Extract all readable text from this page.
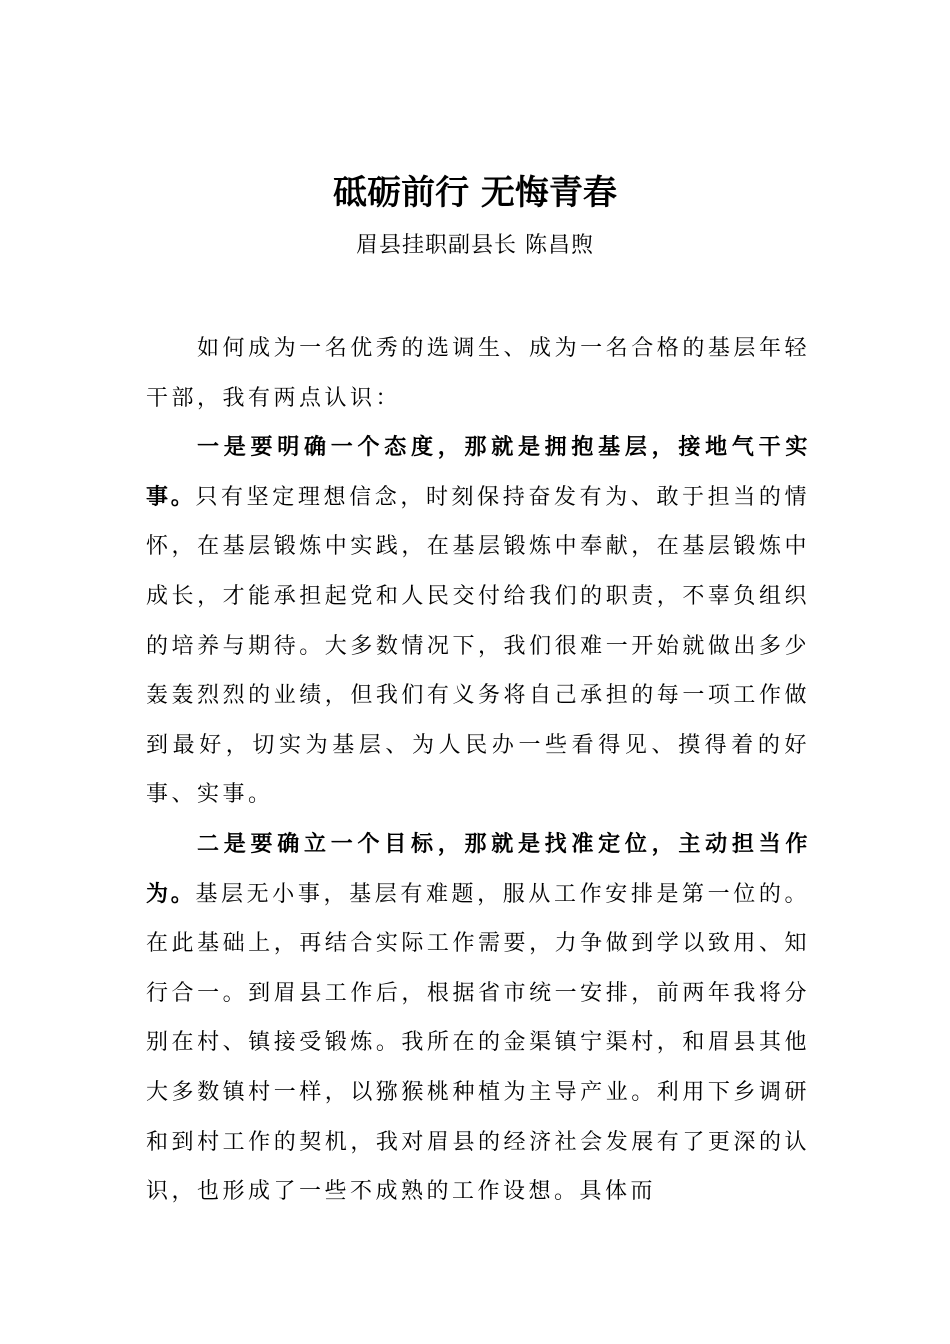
砥砺前行 无悔青春
眉县挂职副县长 陈昌煦

如何成为一名优秀的选调生、成为一名合格的基层年轻干部，我有两点认识：

一是要明确一个态度，那就是拥抱基层，接地气干实事。只有坚定理想信念，时刻保持奋发有为、敢于担当的情怀，在基层锻炼中实践，在基层锻炼中奉献，在基层锻炼中成长，才能承担起党和人民交付给我们的职责，不辜负组织的培养与期待。大多数情况下，我们很难一开始就做出多少轰轰烈烈的业绩，但我们有义务将自己承担的每一项工作做到最好，切实为基层、为人民办一些看得见、摸得着的好事、实事。

二是要确立一个目标，那就是找准定位，主动担当作为。基层无小事，基层有难题，服从工作安排是第一位的。在此基础上，再结合实际工作需要，力争做到学以致用、知行合一。到眉县工作后，根据省市统一安排，前两年我将分别在村、镇接受锻炼。我所在的金渠镇宁渠村，和眉县其他大多数镇村一样，以猕猴桃种植为主导产业。利用下乡调研和到村工作的契机，我对眉县的经济社会发展有了更深的认识，也形成了一些不成熟的工作设想。具体而
